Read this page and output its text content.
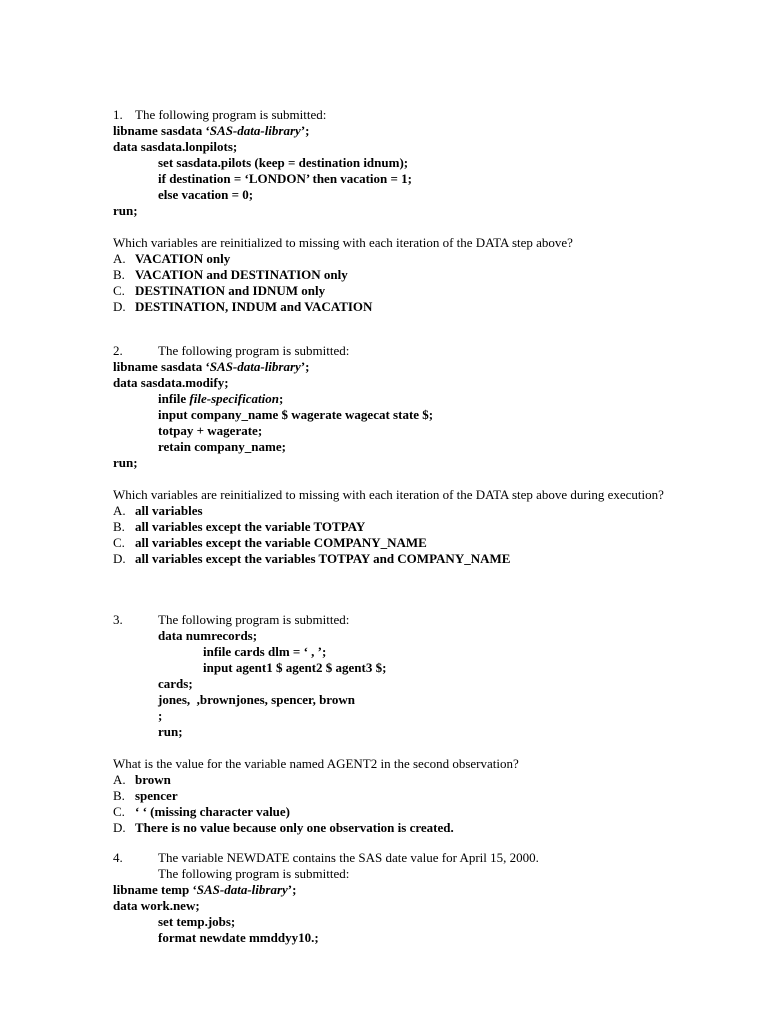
1. The following program is submitted:
libname sasdata ‘SAS-data-library’;
data sasdata.lonpilots;
set sasdata.pilots (keep = destination idnum);
if destination = ‘LONDON’ then vacation = 1;
else vacation = 0;
run;
Which variables are reinitialized to missing with each iteration of the DATA step above?
A. VACATION only
B. VACATION and DESTINATION only
C. DESTINATION and IDNUM only
D. DESTINATION, INDUM and VACATION
2.	The following program is submitted:
libname sasdata ‘SAS-data-library’;
data sasdata.modify;
infile file-specification;
input company_name $ wagerate wagecat state $;
totpay + wagerate;
retain company_name;
run;
Which variables are reinitialized to missing with each iteration of the DATA step above during execution?
A. all variables
B. all variables except the variable TOTPAY
C. all variables except the variable COMPANY_NAME
D. all variables except the variables TOTPAY and COMPANY_NAME
3.	The following program is submitted:
data numrecords;
infile cards dlm = ‘ , ’;
input agent1 $ agent2 $ agent3 $;
cards;
jones,  ,brownjones, spencer, brown
;
run;
What is the value for the variable named AGENT2 in the second observation?
A. brown
B. spencer
C. ‘ ‘ (missing character value)
D. There is no value because only one observation is created.
4.	The variable NEWDATE contains the SAS date value for April 15, 2000.
The following program is submitted:
libname temp ‘SAS-data-library’;
data work.new;
set temp.jobs;
format newdate mmddyy10.;
